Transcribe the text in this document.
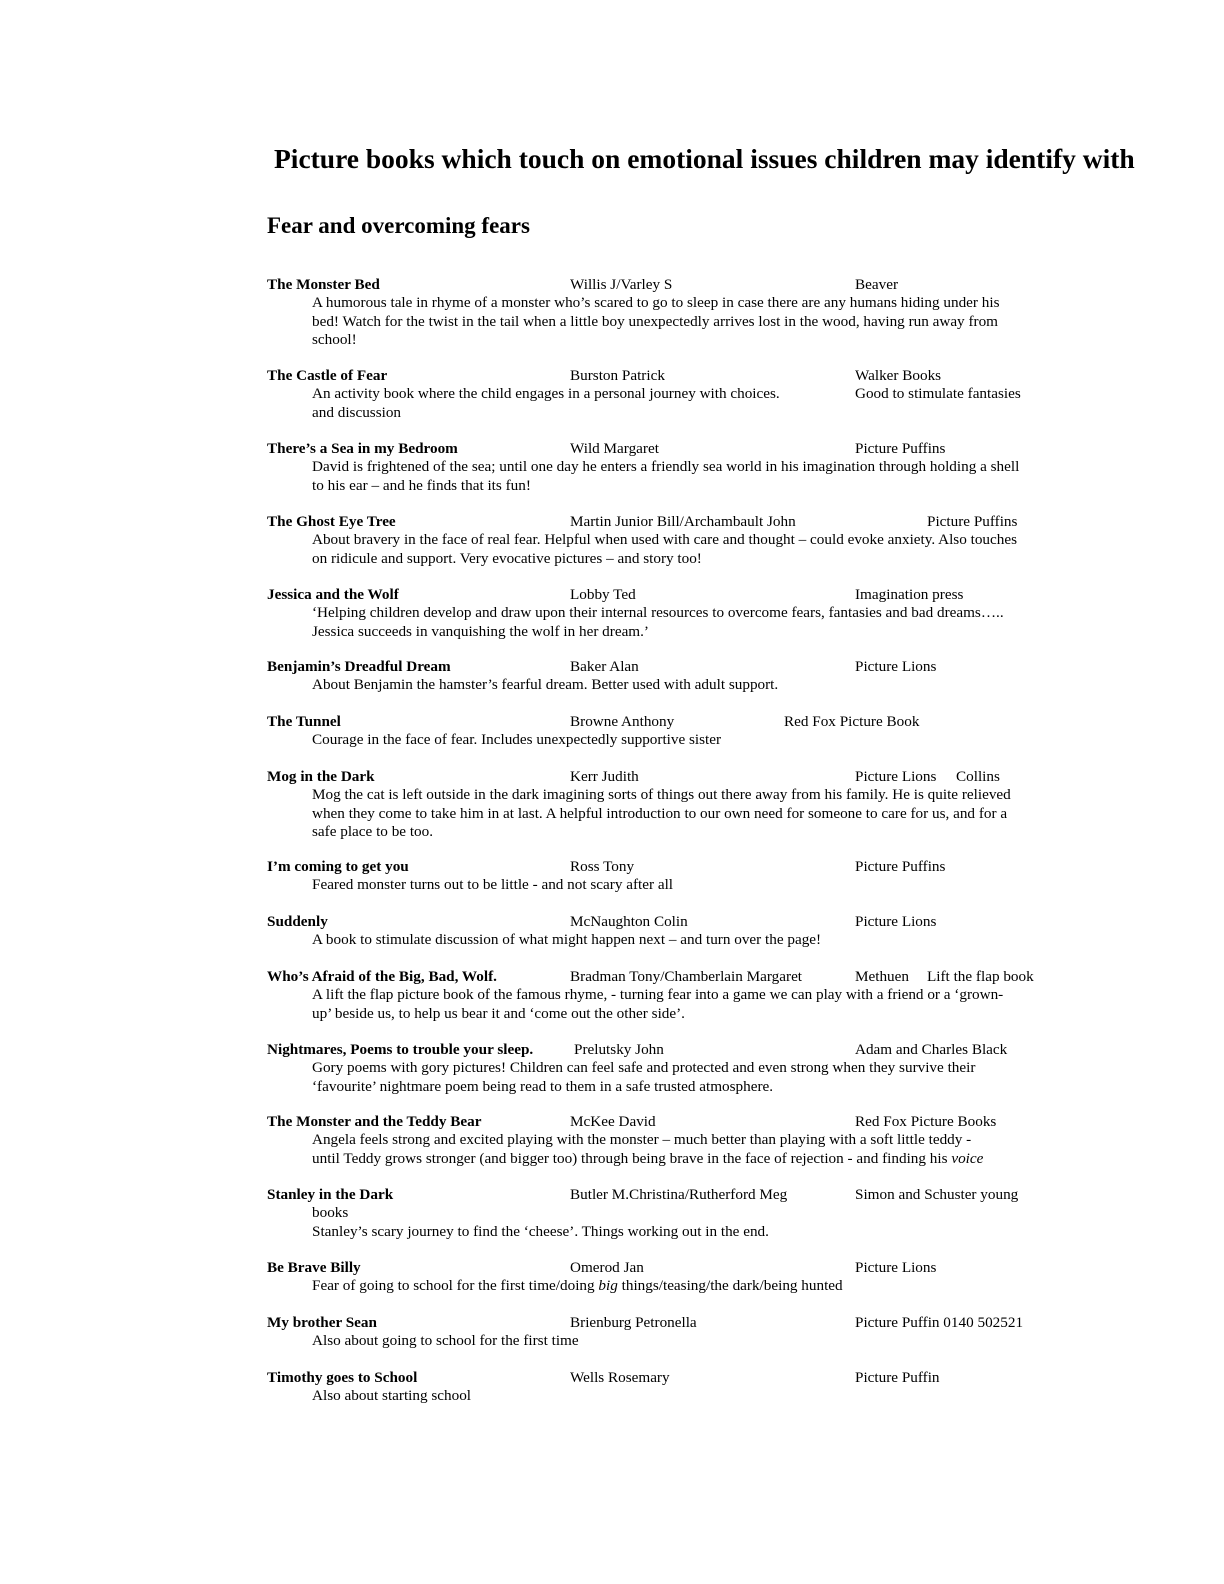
Picture books which touch on emotional issues children may identify with
Fear and overcoming fears
The Monster Bed	Willis J/Varley S	Beaver
A humorous tale in rhyme of a monster who’s scared to go to sleep in case there are any humans hiding under his
bed! Watch for the twist in the tail when a little boy unexpectedly arrives lost in the wood, having run away from
school!
The Castle of Fear	Burston Patrick	Walker Books
An activity book where the child engages in a personal journey with choices.	Good to stimulate fantasies
and discussion
There’s a Sea in my Bedroom	Wild Margaret	Picture Puffins
David is frightened of the sea; until one day he enters a friendly sea world in his imagination through holding a shell
to his ear – and he finds that its fun!
The Ghost Eye Tree	Martin Junior Bill/Archambault John	Picture Puffins
About bravery in the face of real fear. Helpful when used with care and thought – could evoke anxiety. Also touches
on ridicule and support. Very evocative pictures – and story too!
Jessica and the Wolf	Lobby Ted	Imagination press
‘Helping children develop and draw upon their internal resources to overcome fears, fantasies and bad dreams…..
Jessica succeeds in vanquishing the wolf in her dream.’
Benjamin’s Dreadful Dream	Baker Alan	Picture Lions
About Benjamin the hamster’s fearful dream. Better used with adult support.
The Tunnel	Browne Anthony	Red Fox Picture Book
Courage in the face of fear. Includes unexpectedly supportive sister
Mog in the Dark	Kerr Judith	Picture Lions Collins
Mog the cat is left outside in the dark imagining sorts of things out there away from his family. He is quite relieved
when they come to take him in at last. A helpful introduction to our own need for someone to care for us, and for a
safe place to be too.
I’m coming to get you	Ross Tony	Picture Puffins
Feared monster turns out to be little - and not scary after all
Suddenly	McNaughton Colin	Picture Lions
A book to stimulate discussion of what might happen next – and turn over the page!
Who’s Afraid of the Big, Bad, Wolf.	Bradman Tony/Chamberlain Margaret	Methuen Lift the flap book
A lift the flap picture book of the famous rhyme, - turning fear into a game we can play with a friend or a ‘grown-
up’ beside us, to help us bear it and ‘come out the other side’.
Nightmares, Poems to trouble your sleep.	Prelutsky John	Adam and Charles Black
Gory poems with gory pictures! Children can feel safe and protected and even strong when they survive their
‘favourite’ nightmare poem being read to them in a safe trusted atmosphere.
The Monster and the Teddy Bear	McKee David	Red Fox Picture Books
Angela feels strong and excited playing with the monster – much better than playing with a soft little teddy -
until Teddy grows stronger (and bigger too) through being brave in the face of rejection - and finding his voice
Stanley in the Dark	Butler M.Christina/Rutherford Meg	Simon and Schuster young
books
Stanley’s scary journey to find the ‘cheese’. Things working out in the end.
Be Brave Billy	Omerod Jan	Picture Lions
Fear of going to school for the first time/doing big things/teasing/the dark/being hunted
My brother Sean	Brienburg Petronella	Picture Puffin 0140 502521
Also about going to school for the first time
Timothy goes to School	Wells Rosemary	Picture Puffin
Also about starting school
